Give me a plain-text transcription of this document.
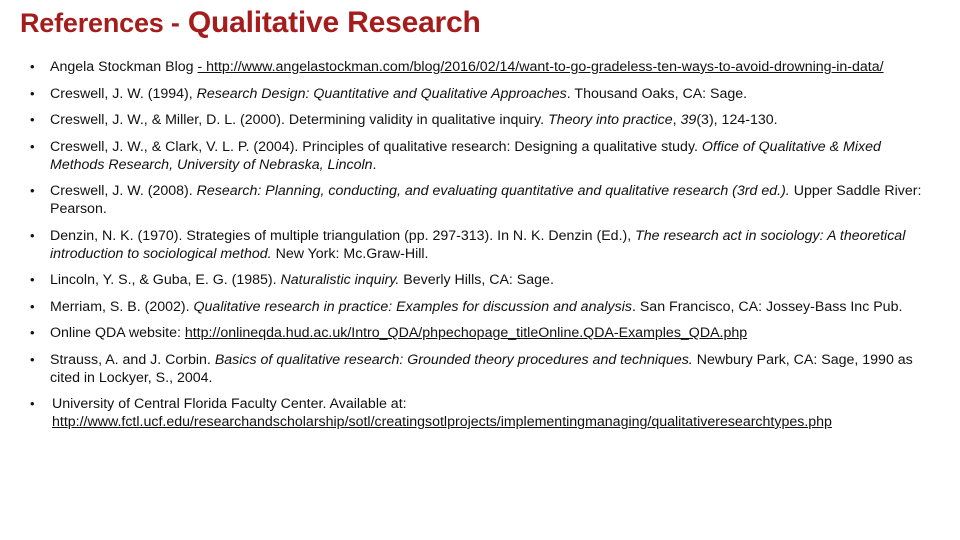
References - Qualitative Research
• Angela Stockman Blog - http://www.angelastockman.com/blog/2016/02/14/want-to-go-gradeless-ten-ways-to-avoid-drowning-in-data/
• Creswell, J. W. (1994), Research Design: Quantitative and Qualitative Approaches. Thousand Oaks, CA: Sage.
• Creswell, J. W., & Miller, D. L. (2000). Determining validity in qualitative inquiry. Theory into practice, 39(3), 124-130.
• Creswell, J. W., & Clark, V. L. P. (2004). Principles of qualitative research: Designing a qualitative study. Office of Qualitative & Mixed Methods Research, University of Nebraska, Lincoln.
• Creswell, J. W. (2008). Research: Planning, conducting, and evaluating quantitative and qualitative research (3rd ed.). Upper Saddle River: Pearson.
• Denzin, N. K. (1970). Strategies of multiple triangulation (pp. 297-313). In N. K. Denzin (Ed.), The research act in sociology: A theoretical introduction to sociological method. New York: Mc.Graw-Hill.
• Lincoln, Y. S., & Guba, E. G. (1985). Naturalistic inquiry. Beverly Hills, CA: Sage.
• Merriam, S. B. (2002). Qualitative research in practice: Examples for discussion and analysis. San Francisco, CA: Jossey-Bass Inc Pub.
• Online QDA website: http://onlineqda.hud.ac.uk/Intro_QDA/phpechopage_titleOnline.QDA-Examples_QDA.php
• Strauss, A. and J. Corbin. Basics of qualitative research: Grounded theory procedures and techniques. Newbury Park, CA: Sage, 1990 as cited in Lockyer, S., 2004.
• University of Central Florida Faculty Center. Available at: http://www.fctl.ucf.edu/researchandscholarship/sotl/creatingsotlprojects/implementingmanaging/qualitativeresearchtypes.php
